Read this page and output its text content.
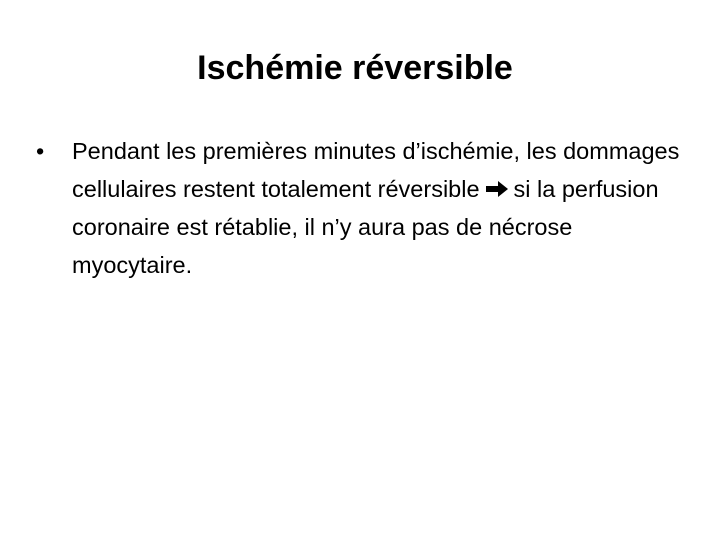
Ischémie réversible
•	Pendant les premières minutes d’ischémie, les dommages cellulaires restent totalement réversible si la perfusion coronaire est rétablie, il n’y aura pas de nécrose myocytaire.
